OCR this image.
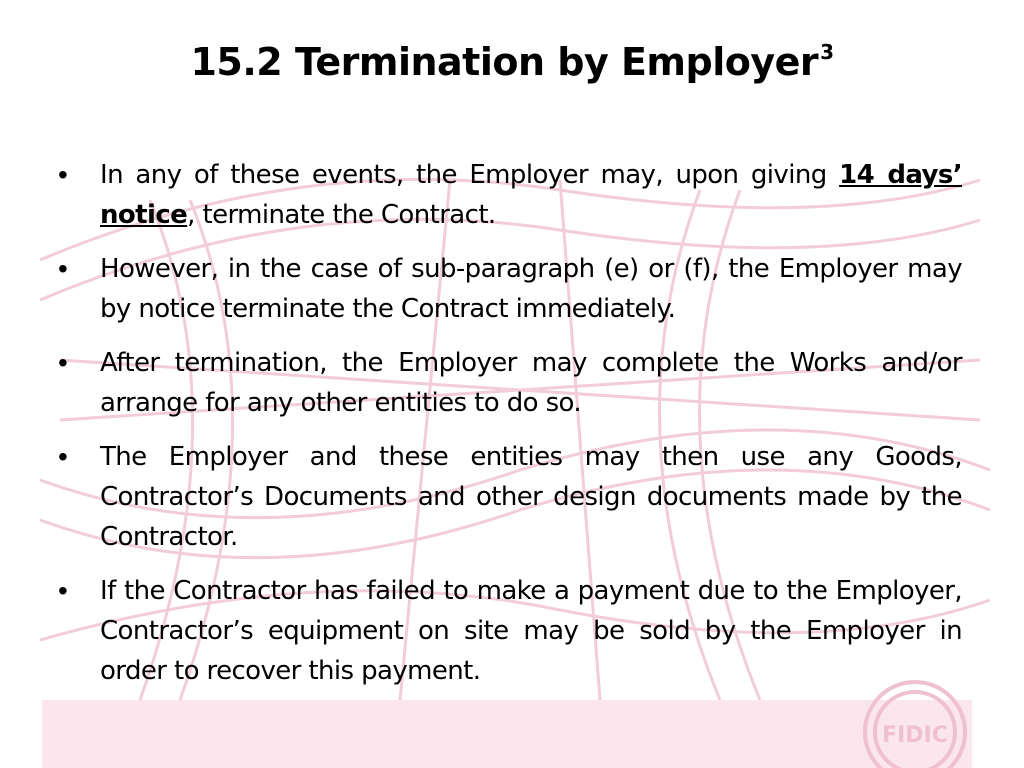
FIDIC
15.2 Termination by Employer $^3$
•	In any of these events, the Employer may, upon giving 14 days’ notice, terminate the Contract.
•	However, in the case of sub-paragraph (e) or (f), the Employer may by notice terminate the Contract immediately.
•	After termination, the Employer may complete the Works and/or arrange for any other entities to do so.
•	The Employer and these entities may then use any Goods, Contractor’s Documents and other design documents made by the Contractor.
•	If the Contractor has failed to make a payment due to the Employer, Contractor’s equipment on site may be sold by the Employer in order to recover this payment.
